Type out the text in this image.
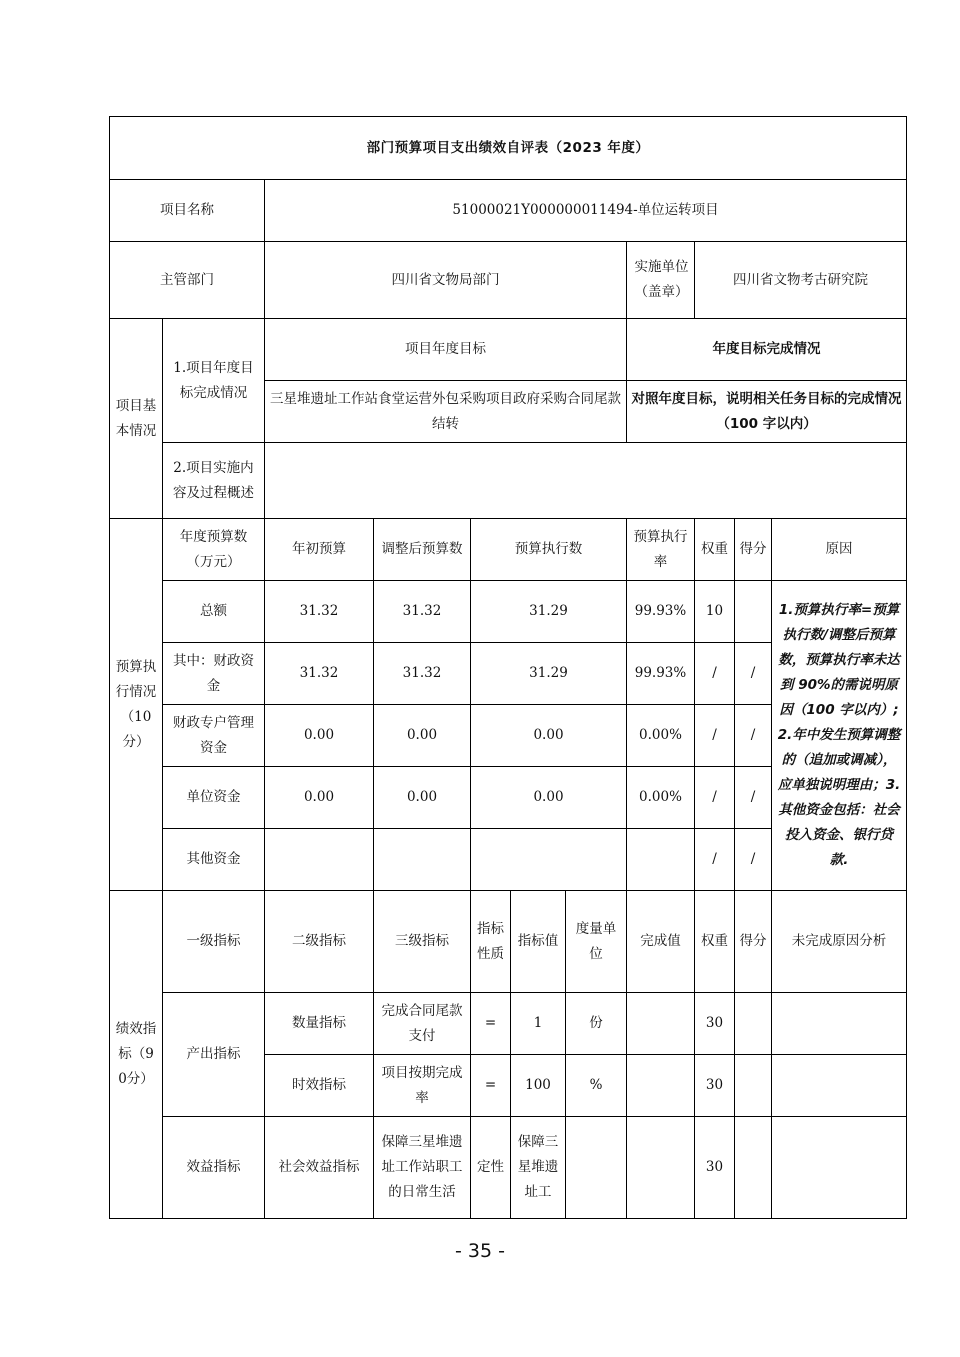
部门预算项目支出绩效自评表（2023 年度）										
项目名称		51000021Y000000011494-单位运转项目								
主管部门		四川省文物局部门					实施单位（盖章）	四川省文物考古研究院		
项目基本情况	1.项目年度目标完成情况	项目年度目标					年度目标完成情况			
		三星堆遗址工作站食堂运营外包采购项目政府采购合同尾款结转					对照年度目标，说明相关任务目标的完成情况（100 字以内）			
	2.项目实施内容及过程概述									
预算执行情况（10分）	年度预算数（万元）	年初预算	调整后预算数	预算执行数			预算执行率	权重	得分	原因
	总额	31.32	31.32	31.29			99.93%	10		1.预算执行率=预算执行数/调整后预算数，预算执行率未达到 90%的需说明原因（100 字以内）;2.年中发生预算调整的（追加或调减），应单独说明理由；3.其他资金包括：社会投入资金、银行贷款.
	其中：财政资金	31.32	31.32	31.29			99.93%	/	/	
	财政专户管理资金	0.00	0.00	0.00			0.00%	/	/	
	单位资金	0.00	0.00	0.00			0.00%	/	/	
	其他资金							/	/	
绩效指标（90分）	一级指标	二级指标	三级指标	指标性质	指标值	度量单位	完成值	权重	得分	未完成原因分析
	产出指标	数量指标	完成合同尾款支付	=	1	份		30		
		时效指标	项目按期完成率	=	100	%		30		
	效益指标	社会效益指标	保障三星堆遗址工作站职工的日常生活	定性	保障三星堆遗址工			30		
- 35 -
